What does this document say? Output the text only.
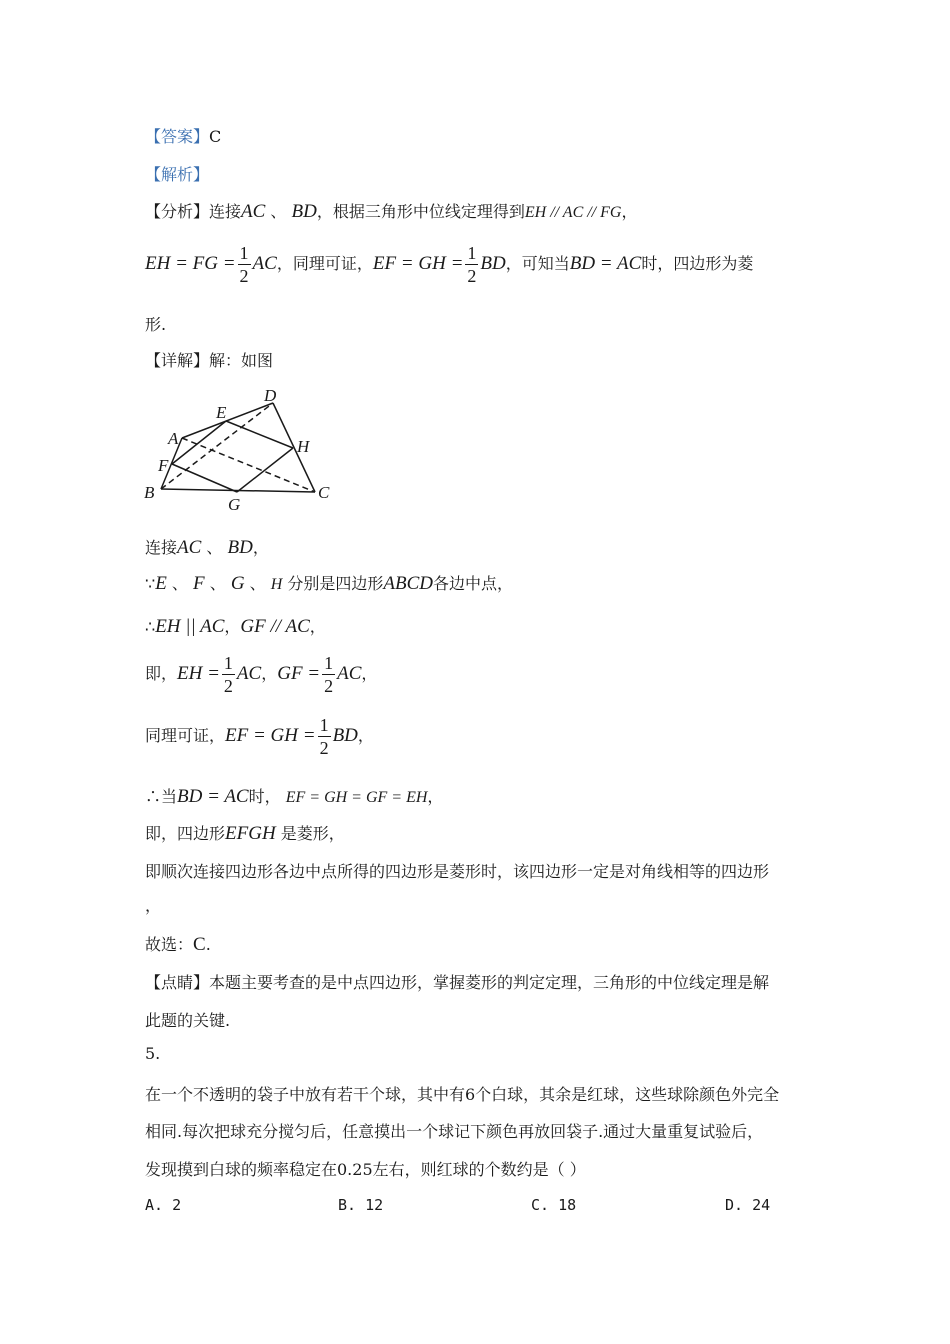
【答案】C
【解析】
【分析】连接AC 、 BD，根据三角形中位线定理得到EH // AC // FG，
EH = FG = $\frac{1}{2}$ AC，同理可证，EF = GH = $\frac{1}{2}$ BD，可知当BD = AC时，四边形为菱
形.
【详解】解：如图
D
E
A	H
F
B
G
C
连接AC 、 BD，
∵E 、 F 、 G 、 H 分别是四边形ABCD各边中点，
∴EH || AC，GF // AC，
即，EH = $\frac{1}{2}$ AC，GF = $\frac{1}{2}$ AC，
同理可证，EF = GH = $\frac{1}{2}$ BD，
∴当BD = AC时， EF = GH = GF = EH，
即，四边形EFGH 是菱形，
即顺次连接四边形各边中点所得的四边形是菱形时，该四边形一定是对角线相等的四边形
，
故选：C.
【点睛】本题主要考查的是中点四边形，掌握菱形的判定定理，三角形的中位线定理是解
此题的关键.
5.
在一个不透明的袋子中放有若干个球，其中有6个白球，其余是红球，这些球除颜色外完全
相同.每次把球充分搅匀后，任意摸出一个球记下颜色再放回袋子.通过大量重复试验后，
发现摸到白球的频率稳定在0.25左右，则红球的个数约是（ ）
A. 2	B. 12	C. 18	D. 24
